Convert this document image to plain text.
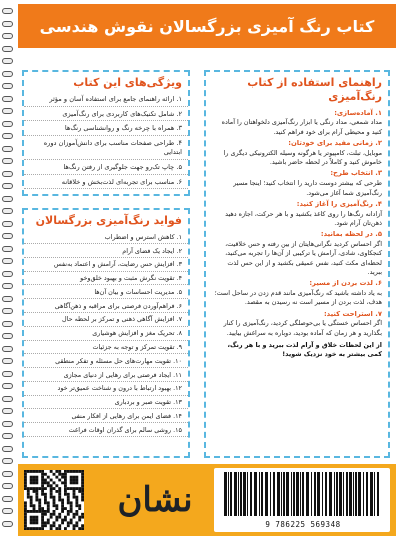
کتاب رنگ آمیزی بزرگسالان نقوش هندسی
راهنمای استفاده از کتاب رنگ‌آمیزی
۱. آماده‌سازی:
مداد شمعی، مداد رنگی یا ابزار رنگ‌آمیزی دلخواهتان را آماده کنید و محیطی آرام برای خود فراهم کنید.
۲. زمانی مفید برای خودتان:
موبایل، تبلت، کامپیوتر یا هرگونه وسیله الکترونیکی دیگری را خاموش کنید و کاملاً در لحظه حاضر باشید.
۳. انتخاب طرح:
طرحی که بیشتر دوست دارید را انتخاب کنید؛ اینجا مسیر رنگ‌آمیزی شما آغاز می‌شود.
۴. رنگ‌آمیزی را آغاز کنید:
آزادانه رنگ‌ها را روی کاغذ بکشید و با هر حرکت، اجازه دهید ذهن‌تان آرام شود.
۵. در لحظه بمانید:
اگر احساس کردید نگرانی‌هایتان از بین رفته و حس خلاقیت، کنجکاوی، شادی، آرامش یا ترکیبی از آن‌ها را تجربه می‌کنید، لحظه‌ای مکث کنید، نفس عمیقی بکشید و از این حس لذت ببرید.
۶. لذت بردن از مسیر:
به یاد داشته باشید که رنگ‌آمیزی مانند قدم زدن در ساحل است؛ هدف، لذت بردن از مسیر است نه رسیدن به مقصد.
۷. استراحت کنید:
اگر احساس خستگی یا بی‌حوصلگی کردید، رنگ‌آمیزی را کنار بگذارید و هر زمان که آماده بودید، دوباره به سراغش بیایید.
از این لحظات خلاق و آرام لذت ببرید و با هر رنگ، کمی بیشتر به خود نزدیک شوید!
ویژگی‌های این کتاب
۱. ارائه راهنمای جامع برای استفاده آسان و مؤثر
۲. شامل تکنیک‌های کاربردی برای رنگ‌آمیزی
۳. همراه با چرخه رنگ و روانشناسی رنگ‌ها
۴. طراحی صفحات مناسب برای دانش‌آموزان دوره ابتدایی
۵. چاپ تک‌رو جهت جلوگیری از رفتن رنگ‌ها
۶. مناسب برای تجربه‌ای لذت‌بخش و خلاقانه
فواید رنگ‌آمیزی بزرگسالان
۱. کاهش استرس و اضطراب
۲. ایجاد یک فضای آرام
۳. افزایش حس رضایت، آرامش و اعتماد به‌نفس
۴. تقویت نگرش مثبت و بهبود خلق‌وخو
۵. مدیریت احساسات و بیان آن‌ها
۶. فراهم‌آوردن فرصتی برای مراقبه و ذهن‌آگاهی
۷. افزایش آگاهی ذهنی و تمرکز بر لحظه حال
۸. تحریک مغز و افزایش هوشیاری
۹. تقویت تمرکز و توجه به جزئیات
۱۰. تقویت مهارت‌های حل مسئله و تفکر منطقی
۱۱. ایجاد فرصتی برای رهایی از دنیای مجازی
۱۲. بهبود ارتباط با درون و شناخت عمیق‌تر خود
۱۳. تقویت صبر و بردباری
۱۴. فضای ایمن برای رهایی از افکار منفی
۱۵. روشی سالم برای گذران اوقات فراغت
نشان
9 786225 569348
